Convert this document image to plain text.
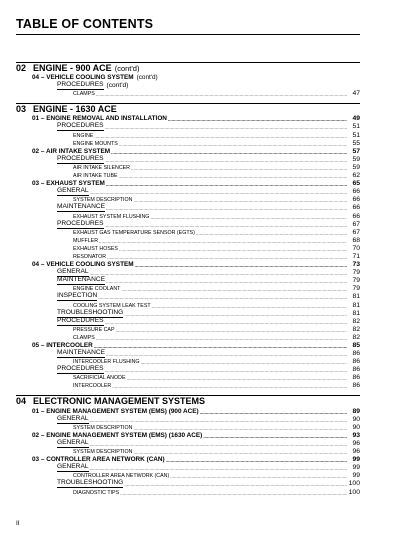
TABLE OF CONTENTS
02 ENGINE - 900 ACE (cont'd)
04 – VEHICLE COOLING SYSTEM (cont'd)
PROCEDURES (cont'd)
CLAMPS .....	47
03 ENGINE - 1630 ACE
01 – ENGINE REMOVAL AND INSTALLATION .....	49
PROCEDURES .....	51
ENGINE .....	51
ENGINE MOUNTS .....	55
02 – AIR INTAKE SYSTEM .....	57
PROCEDURES .....	59
AIR INTAKE SILENCER .....	59
AIR INTAKE TUBE .....	62
03 – EXHAUST SYSTEM .....	65
GENERAL .....	66
SYSTEM DESCRIPTION .....	66
MAINTENANCE .....	66
EXHAUST SYSTEM FLUSHING .....	66
PROCEDURES .....	67
EXHAUST GAS TEMPERATURE SENSOR (EGTS) .....	67
MUFFLER .....	68
EXHAUST HOSES .....	70
RESONATOR .....	71
04 – VEHICLE COOLING SYSTEM .....	73
GENERAL .....	79
MAINTENANCE .....	79
ENGINE COOLANT .....	79
INSPECTION .....	81
COOLING SYSTEM LEAK TEST .....	81
TROUBLESHOOTING .....	81
PROCEDURES .....	82
PRESSURE CAP .....	82
CLAMPS .....	82
05 – INTERCOOLER .....	85
MAINTENANCE .....	86
INTERCOOLER FLUSHING .....	86
PROCEDURES .....	86
SACRIFICIAL ANODE .....	86
INTERCOOLER .....	86
04 ELECTRONIC MANAGEMENT SYSTEMS
01 – ENGINE MANAGEMENT SYSTEM (EMS) (900 ACE) .....	89
GENERAL .....	90
SYSTEM DESCRIPTION .....	90
02 – ENGINE MANAGEMENT SYSTEM (EMS) (1630 ACE) .....	93
GENERAL .....	96
SYSTEM DESCRIPTION .....	96
03 – CONTROLLER AREA NETWORK (CAN) .....	99
GENERAL .....	99
CONTROLLER AREA NETWORK (CAN) .....	99
TROUBLESHOOTING .....	100
DIAGNOSTIC TIPS .....	100
II
